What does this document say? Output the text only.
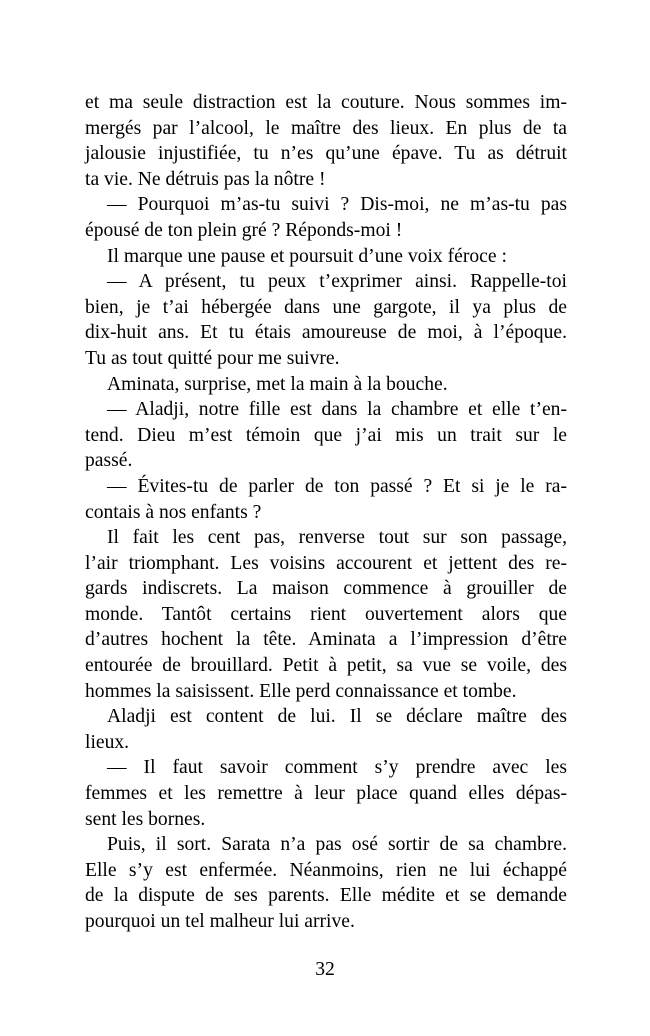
et ma seule distraction est la couture. Nous sommes im-
mergés par l’alcool, le maître des lieux. En plus de ta
jalousie injustifiée, tu n’es qu’une épave. Tu as détruit
ta vie. Ne détruis pas la nôtre !
— Pourquoi m’as-tu suivi ? Dis-moi, ne m’as-tu pas
épousé de ton plein gré ? Réponds-moi !
Il marque une pause et poursuit d’une voix féroce :
— A présent, tu peux t’exprimer ainsi. Rappelle-toi
bien, je t’ai hébergée dans une gargote, il ya plus de
dix-huit ans. Et tu étais amoureuse de moi, à l’époque.
Tu as tout quitté pour me suivre.
Aminata, surprise, met la main à la bouche.
— Aladji, notre fille est dans la chambre et elle t’en-
tend. Dieu m’est témoin que j’ai mis un trait sur le
passé.
— Évites-tu de parler de ton passé ? Et si je le ra-
contais à nos enfants ?
Il fait les cent pas, renverse tout sur son passage,
l’air triomphant. Les voisins accourent et jettent des re-
gards indiscrets. La maison commence à grouiller de
monde. Tantôt certains rient ouvertement alors que
d’autres hochent la tête. Aminata a l’impression d’être
entourée de brouillard. Petit à petit, sa vue se voile, des
hommes la saisissent. Elle perd connaissance et tombe.
Aladji est content de lui. Il se déclare maître des
lieux.
— Il faut savoir comment s’y prendre avec les
femmes et les remettre à leur place quand elles dépas-
sent les bornes.
Puis, il sort. Sarata n’a pas osé sortir de sa chambre.
Elle s’y est enfermée. Néanmoins, rien ne lui échappé
de la dispute de ses parents. Elle médite et se demande
pourquoi un tel malheur lui arrive.
32
